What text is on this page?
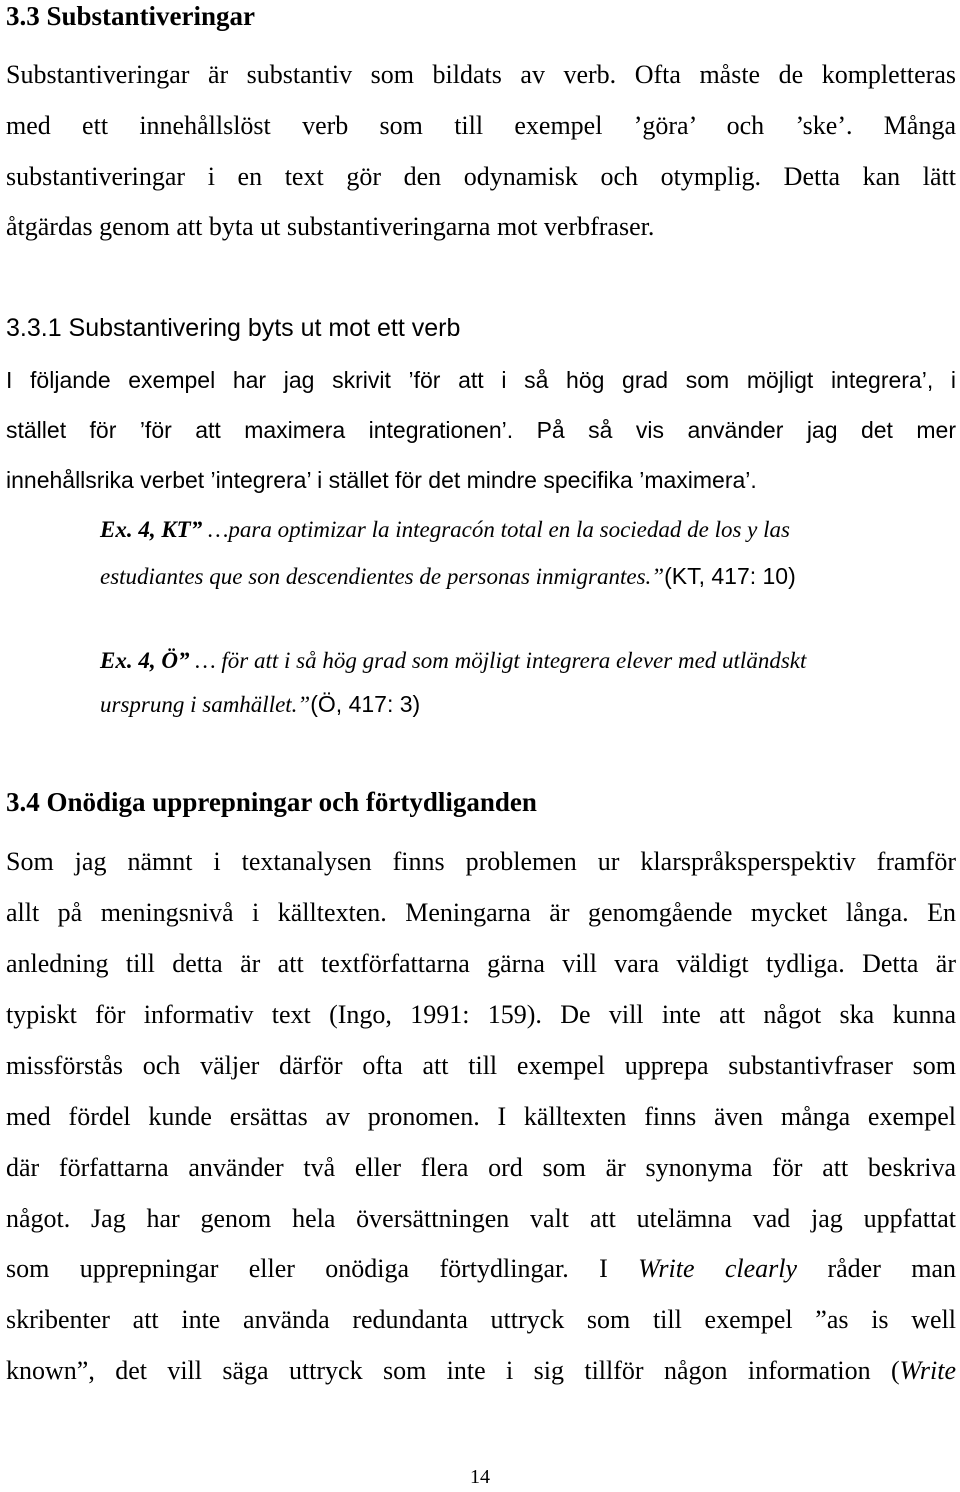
3.3 Substantiveringar
Substantiveringar är substantiv som bildats av verb. Ofta måste de kompletteras
med ett innehållslöst verb som till exempel ’göra’ och ’ske’. Många
substantiveringar i en text gör den odynamisk och otymplig. Detta kan lätt
åtgärdas genom att byta ut substantiveringarna mot verbfraser.
3.3.1 Substantivering byts ut mot ett verb
I följande exempel har jag skrivit ’för att i så hög grad som möjligt integrera’, i
stället för ’för att maximera integrationen’. På så vis använder jag det mer
innehållsrika verbet ’integrera’ i stället för det mindre specifika ’maximera’.
Ex. 4, KT” …para optimizar la integracón total en la sociedad de los y las
estudiantes que son descendientes de personas inmigrantes.”(KT, 417: 10)
Ex. 4, Ö” … för att i så hög grad som möjligt integrera elever med utländskt
ursprung i samhället.”(Ö, 417: 3)
3.4 Onödiga upprepningar och förtydliganden
Som jag nämnt i textanalysen finns problemen ur klarspråksperspektiv framför
allt på meningsnivå i källtexten. Meningarna är genomgående mycket långa. En
anledning till detta är att textförfattarna gärna vill vara väldigt tydliga. Detta är
typiskt för informativ text (Ingo, 1991: 159). De vill inte att något ska kunna
missförstås och väljer därför ofta att till exempel upprepa substantivfraser som
med fördel kunde ersättas av pronomen. I källtexten finns även många exempel
där författarna använder två eller flera ord som är synonyma för att beskriva
något. Jag har genom hela översättningen valt att utelämna vad jag uppfattat
som upprepningar eller onödiga förtydlingar. I Write clearly råder man
skribenter att inte använda redundanta uttryck som till exempel ”as is well
known”, det vill säga uttryck som inte i sig tillför någon information (Write
14
